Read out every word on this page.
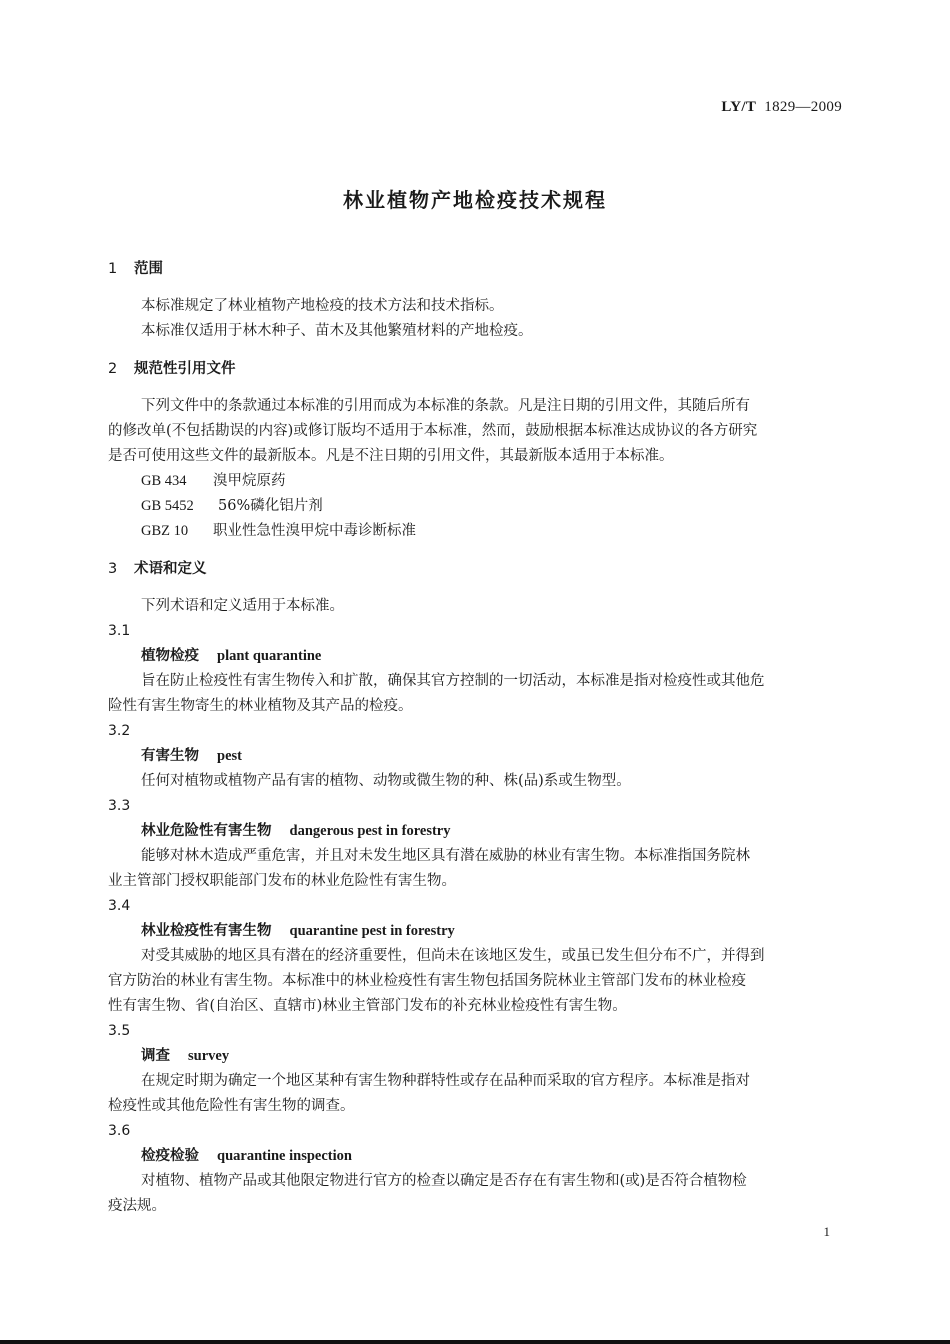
LY/T 1829—2009
林业植物产地检疫技术规程
1 范围
本标准规定了林业植物产地检疫的技术方法和技术指标。
本标准仅适用于林木种子、苗木及其他繁殖材料的产地检疫。
2 规范性引用文件
下列文件中的条款通过本标准的引用而成为本标准的条款。凡是注日期的引用文件，其随后所有
的修改单(不包括勘误的内容)或修订版均不适用于本标准，然而，鼓励根据本标准达成协议的各方研究
是否可使用这些文件的最新版本。凡是不注日期的引用文件，其最新版本适用于本标准。
GB 434 溴甲烷原药
GB 5452 56%磷化铝片剂
GBZ 10 职业性急性溴甲烷中毒诊断标准
3 术语和定义
下列术语和定义适用于本标准。
3.1
植物检疫 plant quarantine
旨在防止检疫性有害生物传入和扩散，确保其官方控制的一切活动，本标准是指对检疫性或其他危
险性有害生物寄生的林业植物及其产品的检疫。
3.2
有害生物 pest
任何对植物或植物产品有害的植物、动物或微生物的种、株(品)系或生物型。
3.3
林业危险性有害生物 dangerous pest in forestry
能够对林木造成严重危害，并且对未发生地区具有潜在威胁的林业有害生物。本标准指国务院林
业主管部门授权职能部门发布的林业危险性有害生物。
3.4
林业检疫性有害生物 quarantine pest in forestry
对受其威胁的地区具有潜在的经济重要性，但尚未在该地区发生，或虽已发生但分布不广，并得到
官方防治的林业有害生物。本标准中的林业检疫性有害生物包括国务院林业主管部门发布的林业检疫
性有害生物、省(自治区、直辖市)林业主管部门发布的补充林业检疫性有害生物。
3.5
调查 survey
在规定时期为确定一个地区某种有害生物种群特性或存在品种而采取的官方程序。本标准是指对
检疫性或其他危险性有害生物的调查。
3.6
检疫检验 quarantine inspection
对植物、植物产品或其他限定物进行官方的检查以确定是否存在有害生物和(或)是否符合植物检
疫法规。
1
